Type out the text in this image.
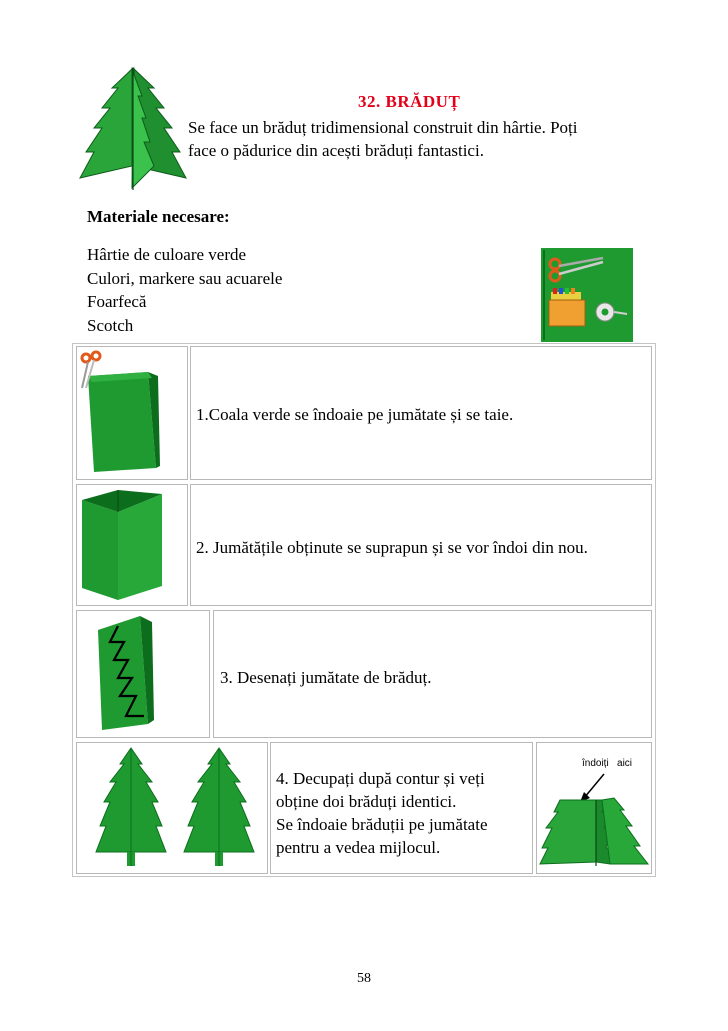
32. BRĂDUȚ
Se face un brăduț tridimensional construit din hârtie. Poți
face o pădurice din acești brăduți fantastici.
Materiale necesare:
Hârtie de culoare verde
Culori, markere sau acuarele
Foarfecă
Scotch
1.Coala verde se îndoaie pe jumătate și se taie.
2. Jumătățile obținute se suprapun și se vor îndoi din nou.
3. Desenați jumătate de brăduț.
4. Decupați după contur și veți
obține doi brăduți identici.
Se îndoaie brăduții pe jumătate
pentru a vedea mijlocul.
îndoiți   aici
58
